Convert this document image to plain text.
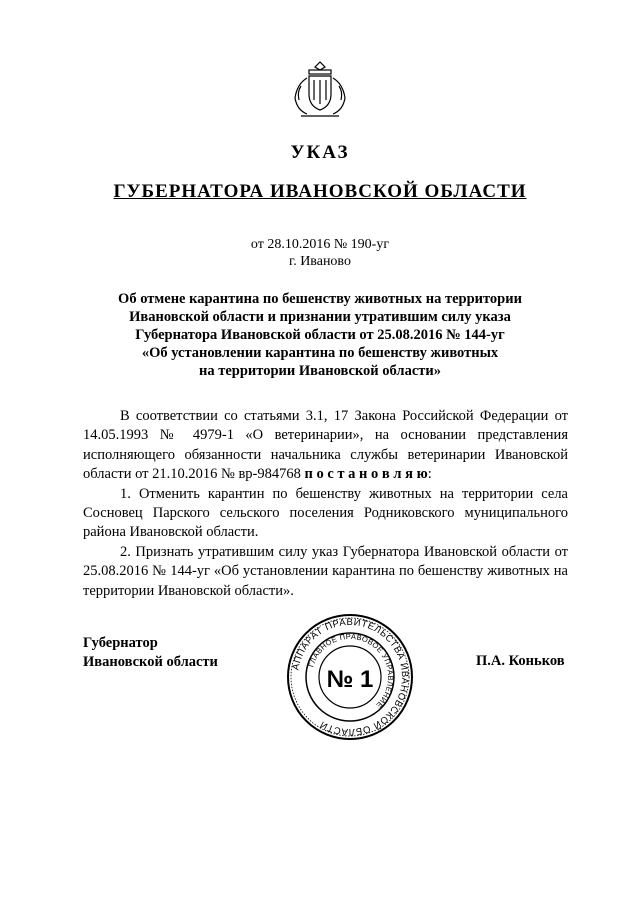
УКАЗ
ГУБЕРНАТОРА ИВАНОВСКОЙ ОБЛАСТИ
от 28.10.2016 № 190-уг
г. Иваново
Об отмене карантина по бешенству животных на территории
Ивановской области и признании утратившим силу указа
Губернатора Ивановской области от 25.08.2016 № 144-уг
«Об установлении карантина по бешенству животных
на территории Ивановской области»

В соответствии со статьями 3.1, 17 Закона Российской Федерации от 14.05.1993 № 4979-1 «О ветеринарии», на основании представления исполняющего обязанности начальника службы ветеринарии Ивановской области от 21.10.2016 № вр-984768 п о с т а н о в л я ю:

1. Отменить карантин по бешенству животных на территории села Сосновец Парского сельского поселения Родниковского муниципального района Ивановской области.

2. Признать утратившим силу указ Губернатора Ивановской области от 25.08.2016 № 144-уг «Об установлении карантина по бешенству животных на территории Ивановской области».

Губернатор
Ивановской области	П.А. Коньков
АППАРАТ ПРАВИТЕЛЬСТВА ИВАНОВСКОЙ ОБЛАСТИ
ГЛАВНОЕ ПРАВОВОЕ УПРАВЛЕНИЕ
№ 1
